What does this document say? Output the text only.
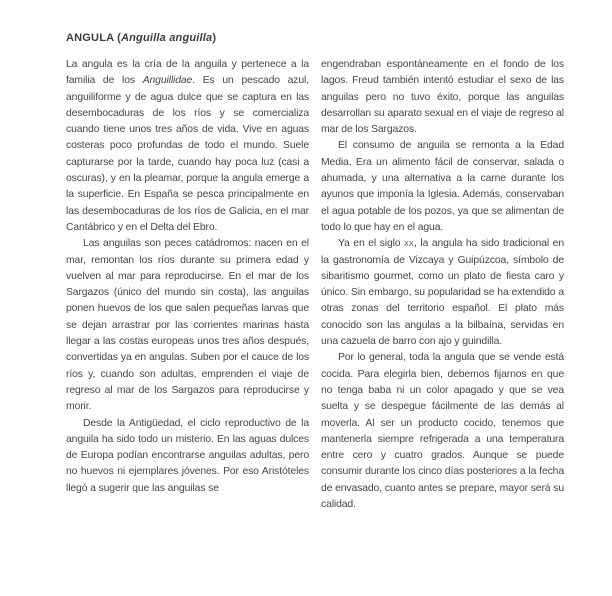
ANGULA (Anguilla anguilla)

La angula es la cría de la anguila y pertenece a la familia de los Anguillidae. Es un pescado azul, anguiliforme y de agua dulce que se captura en las desembocaduras de los ríos y se comercializa cuando tiene unos tres años de vida. Vive en aguas costeras poco profundas de todo el mundo. Suele capturarse por la tarde, cuando hay poca luz (casi a oscuras), y en la pleamar, porque la angula emerge a la superficie. En España se pesca principalmente en las desembocaduras de los ríos de Galicia, en el mar Cantábrico y en el Delta del Ebro.

Las anguilas son peces catádromos: nacen en el mar, remontan los ríos durante su primera edad y vuelven al mar para reproducirse. En el mar de los Sargazos (único del mundo sin costa), las anguilas ponen huevos de los que salen pequeñas larvas que se dejan arrastrar por las corrientes marinas hasta llegar a las costas europeas unos tres años después, convertidas ya en angulas. Suben por el cauce de los ríos y, cuando son adultas, emprenden el viaje de regreso al mar de los Sargazos para reproducirse y morir.

Desde la Antigüedad, el ciclo reproductivo de la anguila ha sido todo un misterio. En las aguas dulces de Europa podían encontrarse anguilas adultas, pero no huevos ni ejemplares jóvenes. Por eso Aristóteles llegó a sugerir que las anguilas se

engendraban espontáneamente en el fondo de los lagos. Freud también intentó estudiar el sexo de las anguilas pero no tuvo éxito, porque las anguilas desarrollan su aparato sexual en el viaje de regreso al mar de los Sargazos.

El consumo de anguila se remonta a la Edad Media. Era un alimento fácil de conservar, salada o ahumada, y una alternativa a la carne durante los ayunos que imponía la Iglesia. Además, conservaban el agua potable de los pozos, ya que se alimentan de todo lo que hay en el agua.

Ya en el siglo xx, la angula ha sido tradicional en la gastronomía de Vizcaya y Guipúzcoa, símbolo de sibaritismo gourmet, como un plato de fiesta caro y único. Sin embargo, su popularidad se ha extendido a otras zonas del territorio español. El plato más conocido son las angulas a la bilbaína, servidas en una cazuela de barro con ajo y guindilla.

Por lo general, toda la angula que se vende está cocida. Para elegirla bien, debemos fijarnos en que no tenga baba ni un color apagado y que se vea suelta y se despegue fácilmente de las demás al moverla. Al ser un producto cocido, tenemos que mantenerla siempre refrigerada a una temperatura entre cero y cuatro grados. Aunque se puede consumir durante los cinco días posteriores a la fecha de envasado, cuanto antes se prepare, mayor será su calidad.
